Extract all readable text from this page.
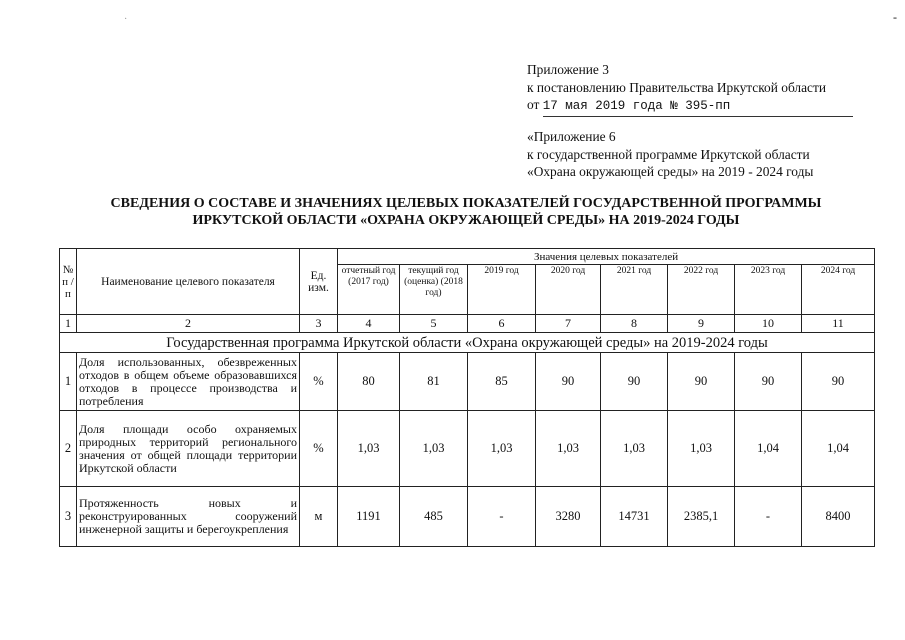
-
·
Приложение 3
к постановлению Правительства Иркутской области
от 17 мая 2019 года № 395-пп
«Приложение 6
к государственной программе Иркутской области
«Охрана окружающей среды» на 2019 - 2024 годы
СВЕДЕНИЯ О СОСТАВЕ И ЗНАЧЕНИЯХ ЦЕЛЕВЫХ ПОКАЗАТЕЛЕЙ ГОСУДАРСТВЕННОЙ ПРОГРАММЫ
ИРКУТСКОЙ ОБЛАСТИ «ОХРАНА ОКРУЖАЮЩЕЙ СРЕДЫ» НА 2019-2024 ГОДЫ
№ п / п	Наименование целевого показателя	Ед. изм.	Значения целевых показателей							
			отчетный год (2017 год)	текущий год (оценка) (2018 год)	2019 год	2020 год	2021 год	2022 год	2023 год	2024 год
1	2	3	4	5	6	7	8	9	10	11
Государственная программа Иркутской области «Охрана окружающей среды» на 2019-2024 годы										
1	Доля использованных, обезвреженных отходов в общем объеме образовавшихся отходов в процессе производства и потребления	%	80	81	85	90	90	90	90	90
2	Доля площади особо охраняемых природных территорий регионального значения от общей площади территории Иркутской области	%	1,03	1,03	1,03	1,03	1,03	1,03	1,04	1,04
3	Протяженность новых и реконструированных сооружений инженерной защиты и берегоукрепления	м	1191	485	-	3280	14731	2385,1	-	8400
